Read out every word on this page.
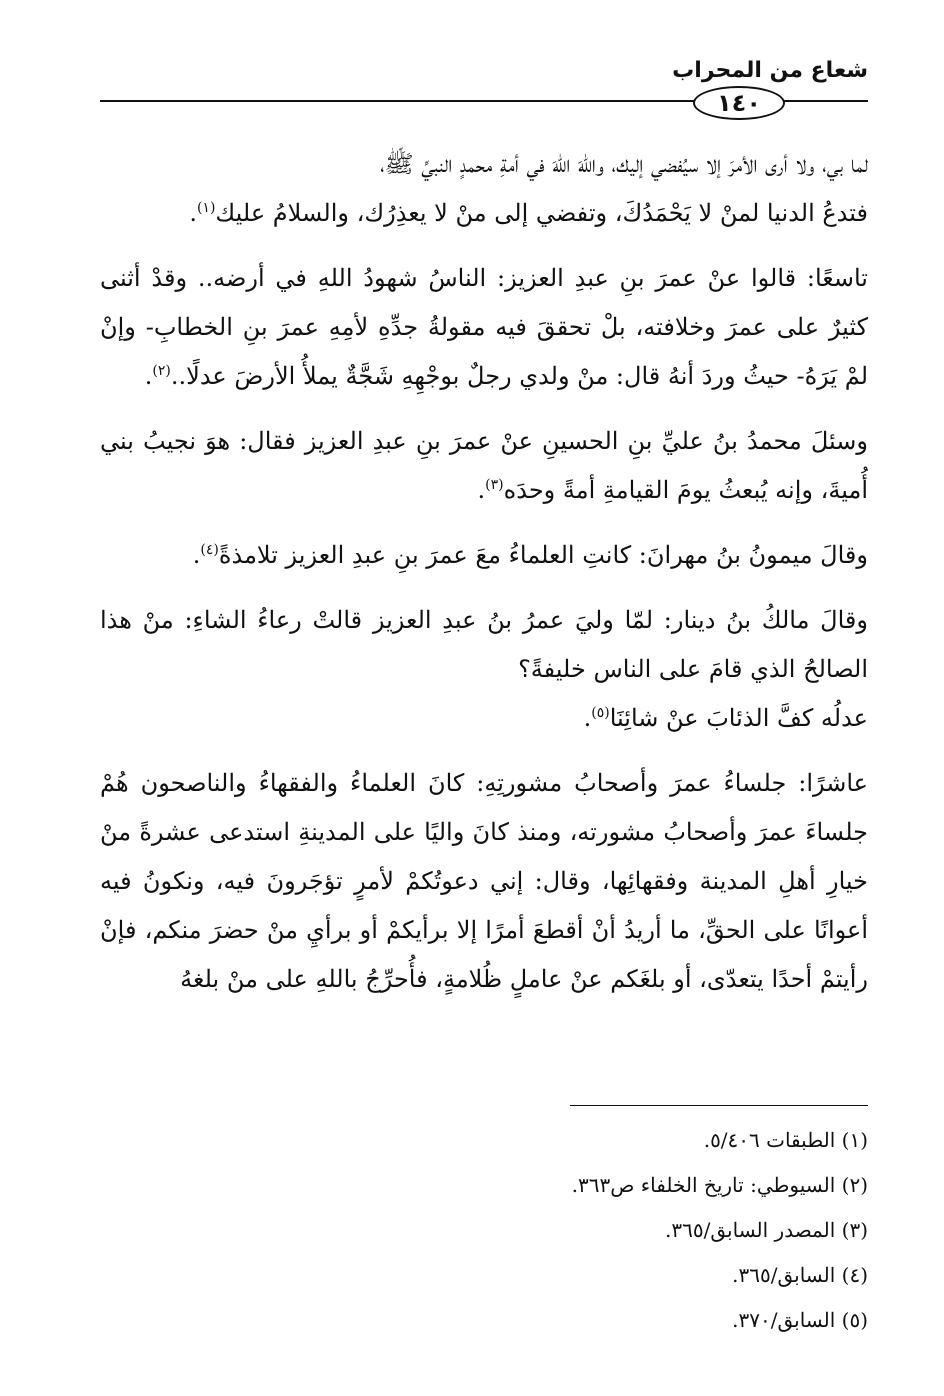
شعاع من المحراب
١٤٠

لما بي، ولا أرى الأمرَ إلا سيُفضي إليك، واللهَ اللهَ في أمةِ محمدٍ النبيِّ ﷺ،

فتدعُ الدنيا لمنْ لا يَحْمَدُكَ، وتفضي إلى منْ لا يعذِرُك، والسلامُ عليك$^{(١)}$.

تاسعًا: قالوا عنْ عمرَ بنِ عبدِ العزيز: الناسُ شهودُ اللهِ في أرضه.. وقدْ أثنى كثيرٌ على عمرَ وخلافته، بلْ تحققَ فيه مقولةُ جدِّهِ لأمِهِ عمرَ بنِ الخطابِ- وإنْ لمْ يَرَهُ- حيثُ وردَ أنهُ قال: منْ ولدي رجلٌ بوجْهِهِ شَجَّةٌ يملأُ الأرضَ عدلًا..$^{(٢)}$.

وسئلَ محمدُ بنُ عليِّ بنِ الحسينِ عنْ عمرَ بنِ عبدِ العزيز فقال: هوَ نجيبُ بني أُميةَ، وإنه يُبعثُ يومَ القيامةِ أمةً وحدَه$^{(٣)}$.

وقالَ ميمونُ بنُ مهرانَ: كانتِ العلماءُ معَ عمرَ بنِ عبدِ العزيز تلامذةً$^{(٤)}$.

وقالَ مالكُ بنُ دينار: لمّا وليَ عمرُ بنُ عبدِ العزيز قالتْ رعاءُ الشاءِ: منْ هذا الصالحُ الذي قامَ على الناس خليفةً؟

عدلُه كفَّ الذئابَ عنْ شائِنَا$^{(٥)}$.

عاشرًا: جلساءُ عمرَ وأصحابُ مشورتِهِ: كانَ العلماءُ والفقهاءُ والناصحون هُمْ جلساءَ عمرَ وأصحابُ مشورته، ومنذ كانَ واليًا على المدينةِ استدعى عشرةً منْ خيارِ أهلِ المدينة وفقهائِها، وقال: إني دعوتُكمْ لأمرٍ تؤجَرونَ فيه، ونكونُ فيه أعوانًا على الحقِّ، ما أريدُ أنْ أقطعَ أمرًا إلا برأيكمْ أو برأيِ منْ حضرَ منكم، فإنْ رأيتمْ أحدًا يتعدّى، أو بلغَكم عنْ عاملٍ ظُلامةٍ، فأُحرِّجُ باللهِ على منْ بلغهُ

(١) الطبقات ٥/٤٠٦.

(٢) السيوطي: تاريخ الخلفاء ص٣٦٣.

(٣) المصدر السابق/٣٦٥.

(٤) السابق/٣٦٥.

(٥) السابق/٣٧٠.
